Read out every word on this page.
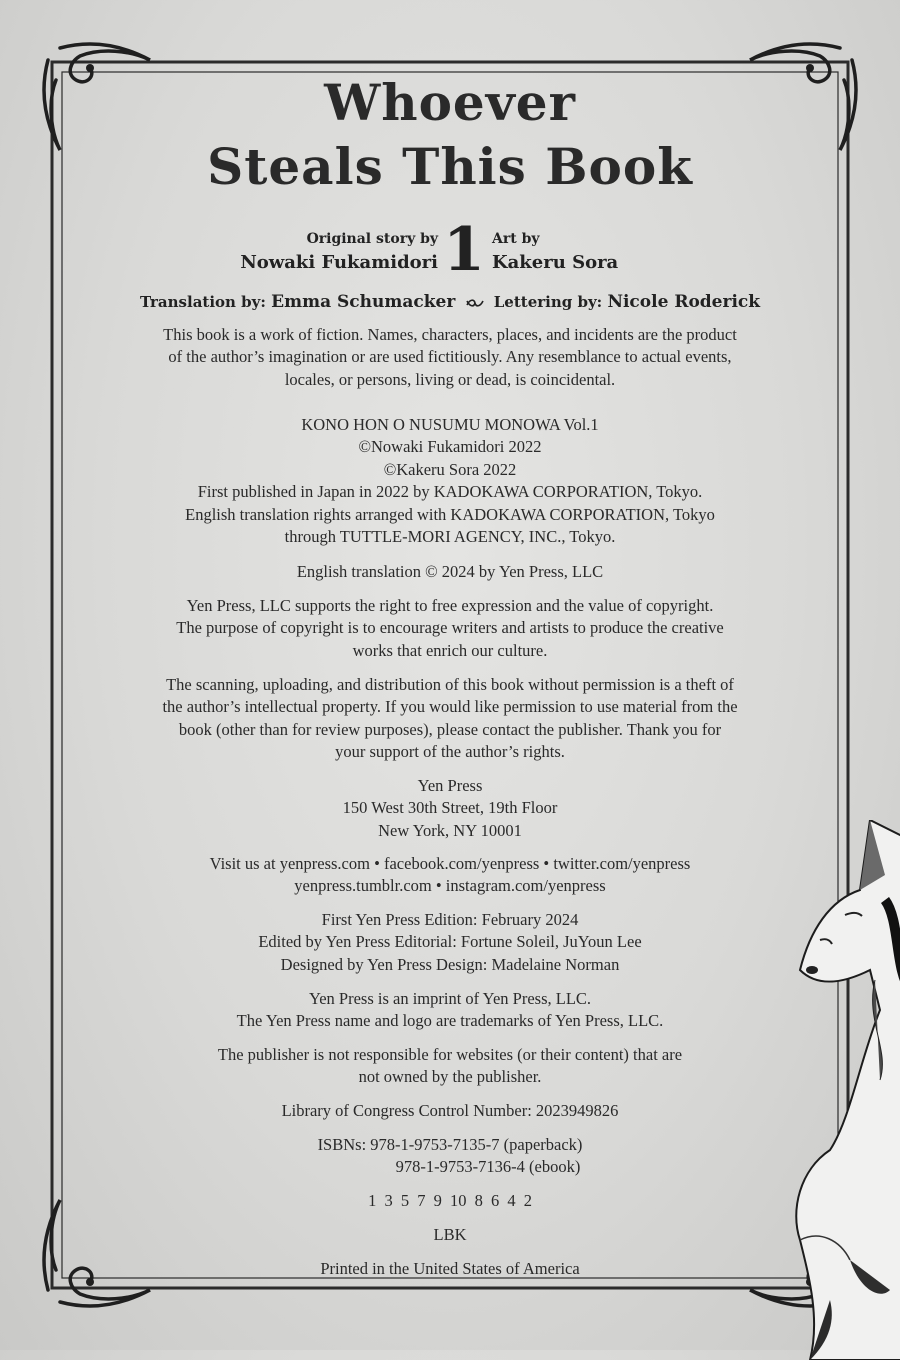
Whoever
Steals This Book
Original story by
Nowaki Fukamidori 1 Art by
Kakeru Sora
Translation by: Emma Schumacker	Lettering by: Nicole Roderick

This book is a work of fiction. Names, characters, places, and incidents are the product

of the author’s imagination or are used fictitiously. Any resemblance to actual events,

locales, or persons, living or dead, is coincidental.

KONO HON O NUSUMU MONOWA Vol.1

©Nowaki Fukamidori 2022

©Kakeru Sora 2022

First published in Japan in 2022 by KADOKAWA CORPORATION, Tokyo.

English translation rights arranged with KADOKAWA CORPORATION, Tokyo

through TUTTLE-MORI AGENCY, INC., Tokyo.

English translation © 2024 by Yen Press, LLC

Yen Press, LLC supports the right to free expression and the value of copyright.

The purpose of copyright is to encourage writers and artists to produce the creative

works that enrich our culture.

The scanning, uploading, and distribution of this book without permission is a theft of

the author’s intellectual property. If you would like permission to use material from the

book (other than for review purposes), please contact the publisher. Thank you for

your support of the author’s rights.

Yen Press

150 West 30th Street, 19th Floor

New York, NY 10001

Visit us at yenpress.com • facebook.com/yenpress • twitter.com/yenpress

yenpress.tumblr.com • instagram.com/yenpress

First Yen Press Edition: February 2024

Edited by Yen Press Editorial: Fortune Soleil, JuYoun Lee

Designed by Yen Press Design: Madelaine Norman

Yen Press is an imprint of Yen Press, LLC.

The Yen Press name and logo are trademarks of Yen Press, LLC.

The publisher is not responsible for websites (or their content) that are

not owned by the publisher.

Library of Congress Control Number: 2023949826

ISBNs: 978-1-9753-7135-7 (paperback)

978-1-9753-7136-4 (ebook)

1 3 5 7 9 10 8 6 4 2

LBK

Printed in the United States of America
